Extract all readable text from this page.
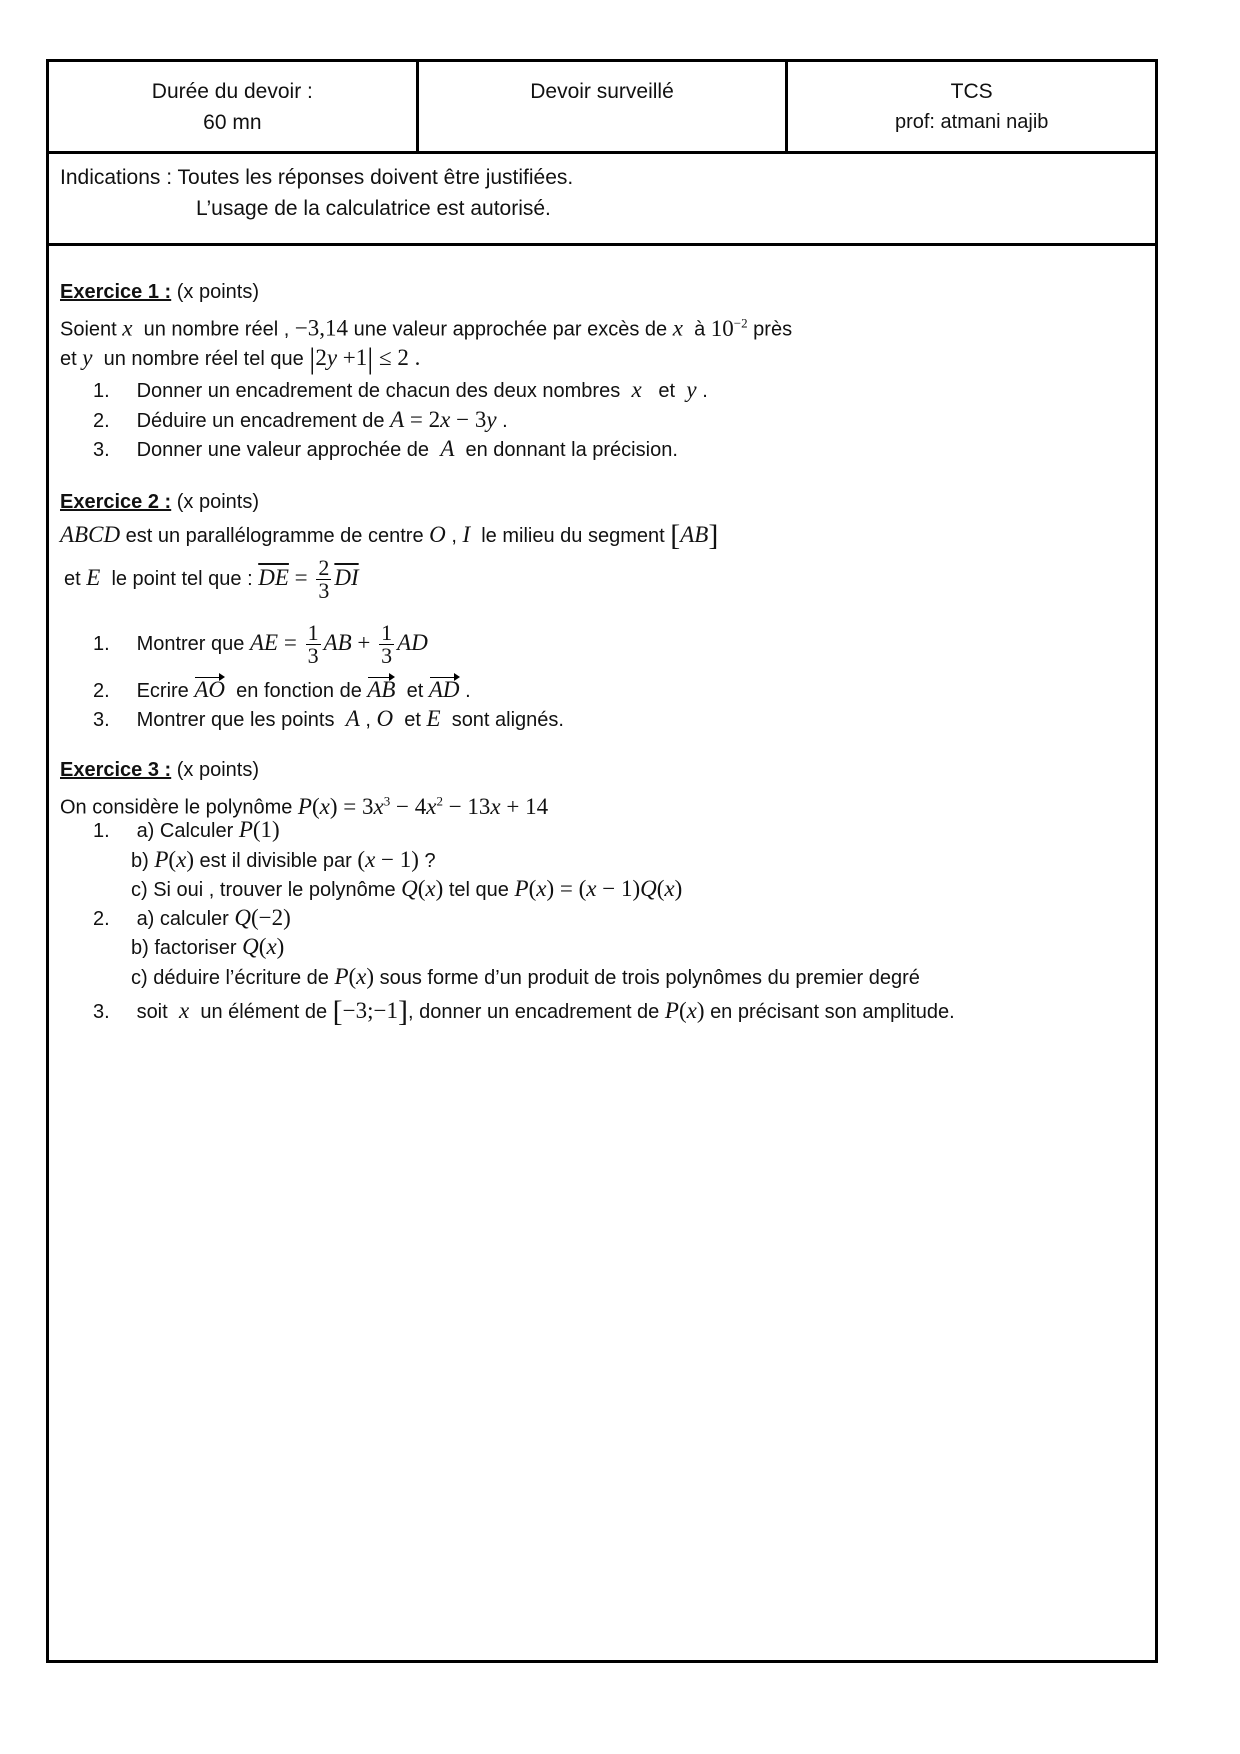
Durée du devoir :
60 mn
Devoir surveillé	TCS
prof: atmani najib
Indications : Toutes les réponses doivent être justifiées.
L’usage de la calculatrice est autorisé.
Exercice 1 : (x points)
Soient x un nombre réel , −3,14 une valeur approchée par excès de x à $10^{-2}$ près
et y un nombre réel tel que |2y +1| ≤ 2 .
1. Donner un encadrement de chacun des deux nombres  x et  y .
2. Déduire un encadrement de A = 2x − 3y .
3. Donner une valeur approchée de  A en donnant la précision.
Exercice 2 : (x points)
ABCD est un parallélogramme de centre O , I le milieu du segment [AB]
et E le point tel que : $\overline{DE} = \frac{2}{3} \overline{DI}$
1. Montrer que AE = $\frac{1}{3}$ AB + $\frac{1}{3}$ AD
2. Ecrire AO en fonction de AB et AD .
3. Montrer que les points  A , O et E sont alignés.
Exercice 3 : (x points)
On considère le polynôme $P(x) = 3x^3 - 4x^2 - 13x + 14$
1. a) Calculer P(1)
b) P(x) est il divisible par (x − 1) ?
c) Si oui , trouver le polynôme Q(x) tel que P(x) = (x − 1)Q(x)
2. a) calculer Q(−2)
b) factoriser Q(x)
c) déduire l’écriture de P(x) sous forme d’un produit de trois polynômes du premier degré
3. soit  x un élément de [−3;−1], donner un encadrement de P(x) en précisant son amplitude.
